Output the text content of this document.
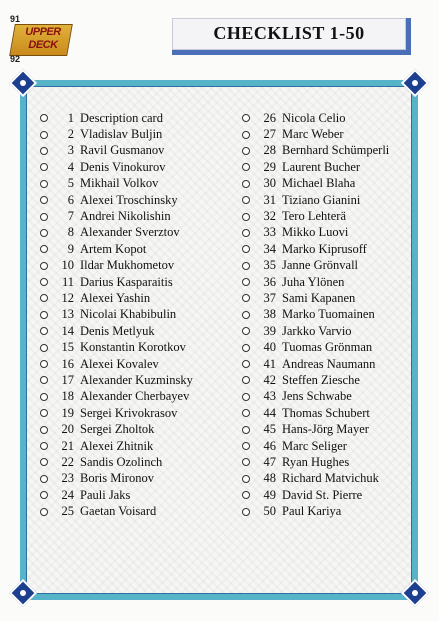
91
UPPER
DECK
92
CHECKLIST 1-50
1 Description card
2 Vladislav Buljin
3 Ravil Gusmanov
4 Denis Vinokurov
5 Mikhail Volkov
6 Alexei Troschinsky
7 Andrei Nikolishin
8 Alexander Sverztov
9 Artem Kopot
10 Ildar Mukhometov
11 Darius Kasparaitis
12 Alexei Yashin
13 Nicolai Khabibulin
14 Denis Metlyuk
15 Konstantin Korotkov
16 Alexei Kovalev
17 Alexander Kuzminsky
18 Alexander Cherbayev
19 Sergei Krivokrasov
20 Sergei Zholtok
21 Alexei Zhitnik
22 Sandis Ozolinch
23 Boris Mironov
24 Pauli Jaks
25 Gaetan Voisard
26 Nicola Celio
27 Marc Weber
28 Bernhard Schümperli
29 Laurent Bucher
30 Michael Blaha
31 Tiziano Gianini
32 Tero Lehterä
33 Mikko Luovi
34 Marko Kiprusoff
35 Janne Grönvall
36 Juha Ylönen
37 Sami Kapanen
38 Marko Tuomainen
39 Jarkko Varvio
40 Tuomas Grönman
41 Andreas Naumann
42 Steffen Ziesche
43 Jens Schwabe
44 Thomas Schubert
45 Hans-Jörg Mayer
46 Marc Seliger
47 Ryan Hughes
48 Richard Matvichuk
49 David St. Pierre
50 Paul Kariya
